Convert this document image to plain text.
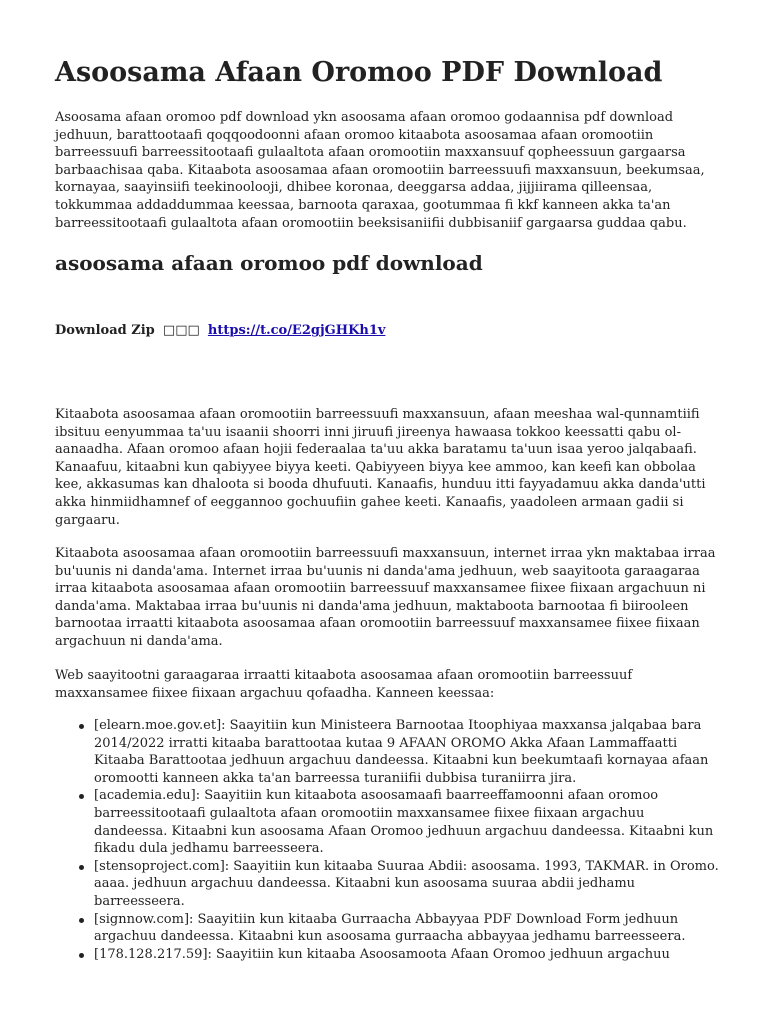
Asoosama Afaan Oromoo PDF Download

Asoosama afaan oromoo pdf download ykn asoosama afaan oromoo godaannisa pdf download jedhuun, barattootaafi qoqqoodoonni afaan oromoo kitaabota asoosamaa afaan oromootiin barreessuufi barreessitootaafi gulaaltota afaan oromootiin maxxansuuf qopheessuun gargaarsa barbaachisaa qaba. Kitaabota asoosamaa afaan oromootiin barreessuufi maxxansuun, beekumsaa, kornayaa, saayinsiifi teekinoolooji, dhibee koronaa, deeggarsa addaa, jijjiirama qilleensaa, tokkummaa addaddummaa keessaa, barnoota qaraxaa, gootummaa fi kkf kanneen akka ta'an barreessitootaafi gulaaltota afaan oromootiin beeksisaniifii dubbisaniif gargaarsa guddaa qabu.

asoosama afaan oromoo pdf download
Download Zip □□□ https://t.co/E2gjGHKh1v

Kitaabota asoosamaa afaan oromootiin barreessuufi maxxansuun, afaan meeshaa wal-qunnamtiifi ibsituu eenyummaa ta'uu isaanii shoorri inni jiruufi jireenya hawaasa tokkoo keessatti qabu ol-aanaadha. Afaan oromoo afaan hojii federaalaa ta'uu akka baratamu ta'uun isaa yeroo jalqabaafi. Kanaafuu, kitaabni kun qabiyyee biyya keeti. Qabiyyeen biyya kee ammoo, kan keefi kan obbolaa kee, akkasumas kan dhaloota si booda dhufuuti. Kanaafis, hunduu itti fayyadamuu akka danda'utti akka hinmiidhamnef of eeggannoo gochuufiin gahee keeti. Kanaafis, yaadoleen armaan gadii si gargaaru.

Kitaabota asoosamaa afaan oromootiin barreessuufi maxxansuun, internet irraa ykn maktabaa irraa bu'uunis ni danda'ama. Internet irraa bu'uunis ni danda'ama jedhuun, web saayitoota garaagaraa irraa kitaabota asoosamaa afaan oromootiin barreessuuf maxxansamee fiixee fiixaan argachuun ni danda'ama. Maktabaa irraa bu'uunis ni danda'ama jedhuun, maktaboota barnootaa fi biirooleen barnootaa irraatti kitaabota asoosamaa afaan oromootiin barreessuuf maxxansamee fiixee fiixaan argachuun ni danda'ama.

Web saayitootni garaagaraa irraatti kitaabota asoosamaa afaan oromootiin barreessuuf maxxansamee fiixee fiixaan argachuu qofaadha. Kanneen keessaa:

[elearn.moe.gov.et]: Saayitiin kun Ministeera Barnootaa Itoophiyaa maxxansa jalqabaa bara 2014/2022 irratti kitaaba barattootaa kutaa 9 AFAAN OROMO Akka Afaan Lammaffaatti Kitaaba Barattootaa jedhuun argachuu dandeessa. Kitaabni kun beekumtaafi kornayaa afaan oromootti kanneen akka ta'an barreessa turaniifii dubbisa turaniirra jira.
[academia.edu]: Saayitiin kun kitaabota asoosamaafi baarreeffamoonni afaan oromoo barreessitootaafi gulaaltota afaan oromootiin maxxansamee fiixee fiixaan argachuu dandeessa. Kitaabni kun asoosama Afaan Oromoo jedhuun argachuu dandeessa. Kitaabni kun fikadu dula jedhamu barreesseera.
[stensoproject.com]: Saayitiin kun kitaaba Suuraa Abdii: asoosama. 1993, TAKMAR. in Oromo. aaaa. jedhuun argachuu dandeessa. Kitaabni kun asoosama suuraa abdii jedhamu barreesseera.
[signnow.com]: Saayitiin kun kitaaba Gurraacha Abbayyaa PDF Download Form jedhuun argachuu dandeessa. Kitaabni kun asoosama gurraacha abbayyaa jedhamu barreesseera.
[178.128.217.59]: Saayitiin kun kitaaba Asoosamoota Afaan Oromoo jedhuun argachuu
